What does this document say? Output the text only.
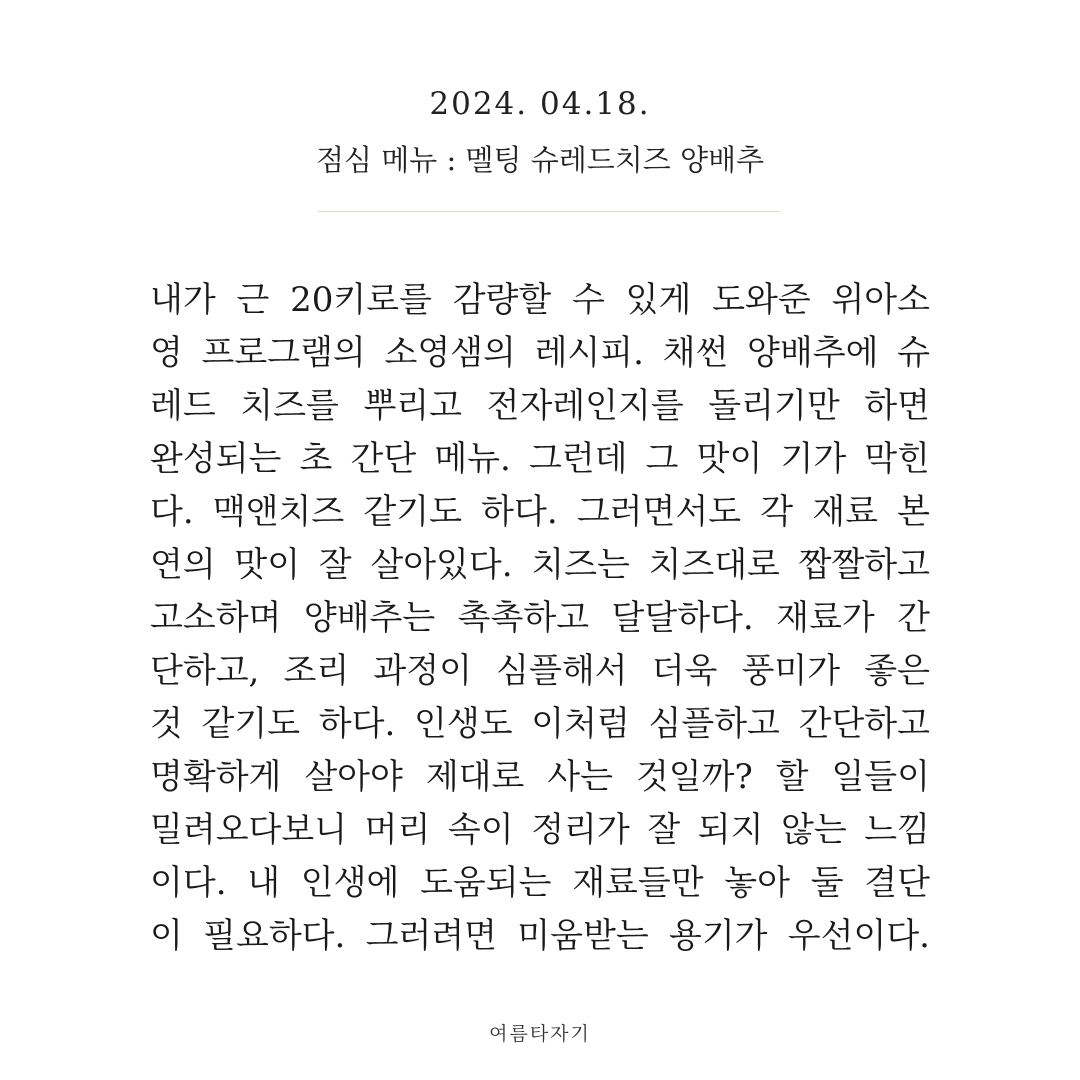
2024. 04.18.
점심 메뉴 : 멜팅 슈레드치즈 양배추
내가 근 20키로를 감량할 수 있게 도와준 위아소
영 프로그램의 소영샘의 레시피. 채썬 양배추에 슈
레드 치즈를 뿌리고 전자레인지를 돌리기만 하면
완성되는 초 간단 메뉴. 그런데 그 맛이 기가 막힌
다. 맥앤치즈 같기도 하다. 그러면서도 각 재료 본
연의 맛이 잘 살아있다. 치즈는 치즈대로 짭짤하고
고소하며 양배추는 촉촉하고 달달하다. 재료가 간
단하고, 조리 과정이 심플해서 더욱 풍미가 좋은
것 같기도 하다. 인생도 이처럼 심플하고 간단하고
명확하게 살아야 제대로 사는 것일까? 할 일들이
밀려오다보니 머리 속이 정리가 잘 되지 않는 느낌
이다. 내 인생에 도움되는 재료들만 놓아 둘 결단
이 필요하다. 그러려면 미움받는 용기가 우선이다.
여름타자기
